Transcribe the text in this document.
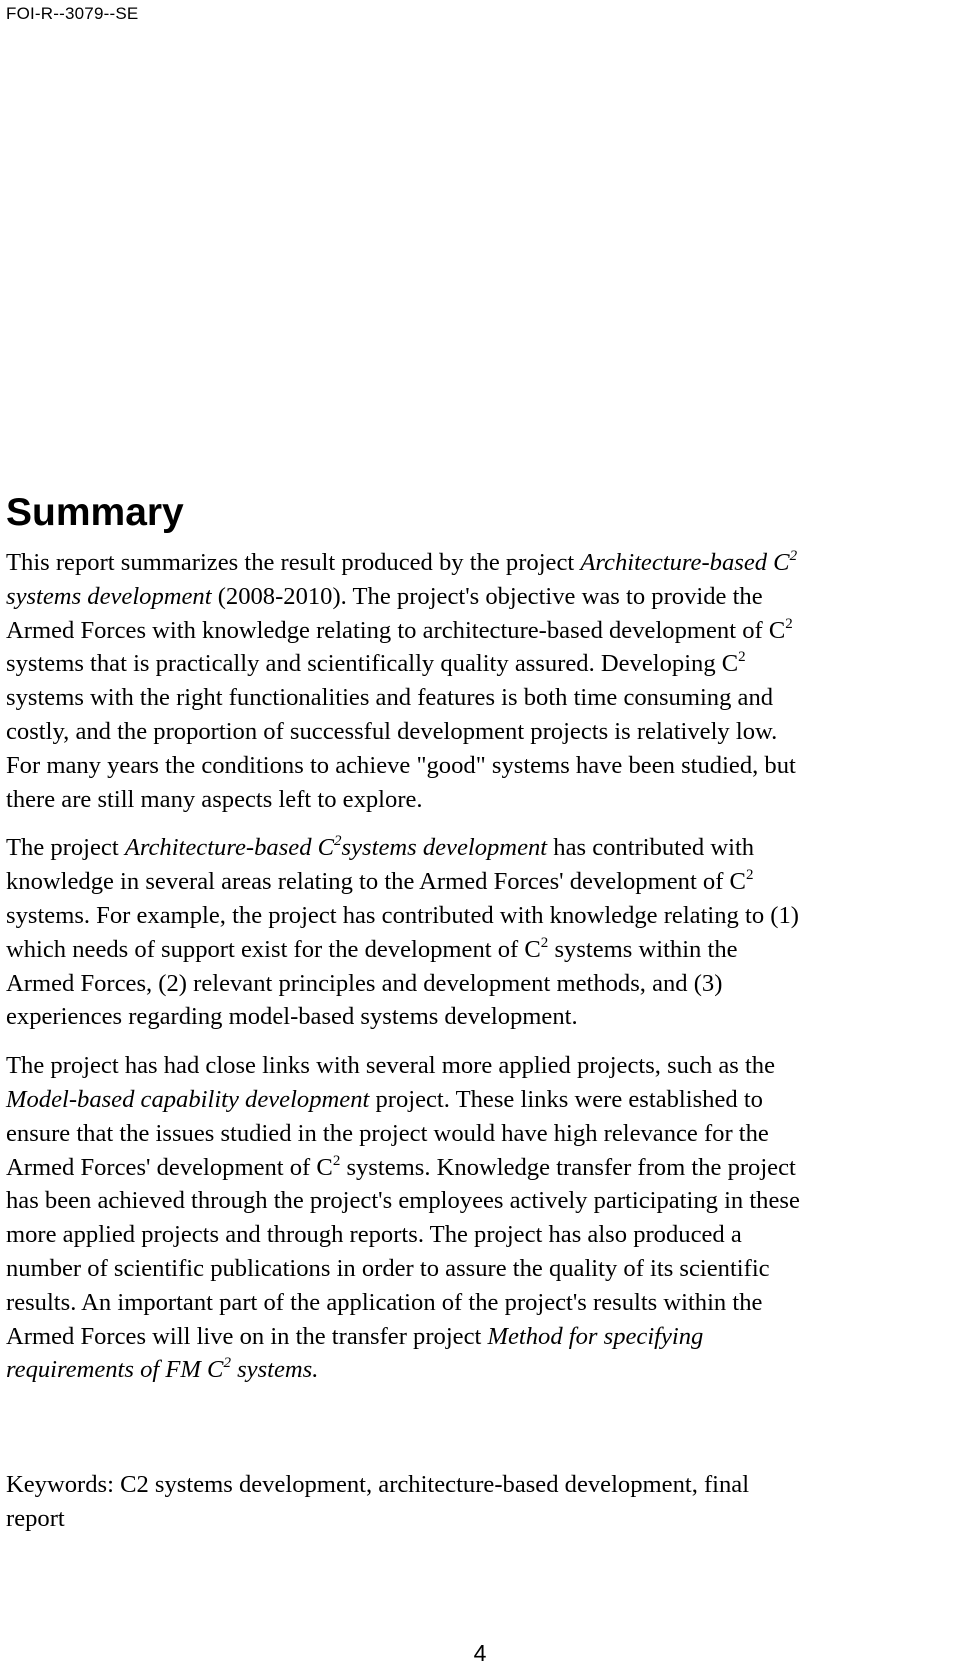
FOI-R--3079--SE
Summary
This report summarizes the result produced by the project Architecture-based $C^2$
systems development (2008-2010). The project's objective was to provide the
Armed Forces with knowledge relating to architecture-based development of $C^2$
systems that is practically and scientifically quality assured. Developing $C^2$
systems with the right functionalities and features is both time consuming and
costly, and the proportion of successful development projects is relatively low.
For many years the conditions to achieve "good" systems have been studied, but
there are still many aspects left to explore.
The project Architecture-based $C^2systems$ development has contributed with
knowledge in several areas relating to the Armed Forces' development of $C^2$
systems. For example, the project has contributed with knowledge relating to (1)
which needs of support exist for the development of $C^2$ systems within the
Armed Forces, (2) relevant principles and development methods, and (3)
experiences regarding model-based systems development.
The project has had close links with several more applied projects, such as the
Model-based capability development project. These links were established to
ensure that the issues studied in the project would have high relevance for the
Armed Forces' development of $C^2$ systems. Knowledge transfer from the project
has been achieved through the project's employees actively participating in these
more applied projects and through reports. The project has also produced a
number of scientific publications in order to assure the quality of its scientific
results. An important part of the application of the project's results within the
Armed Forces will live on in the transfer project Method for specifying
requirements of FM $C^2$ systems.
Keywords: C2 systems development, architecture-based development, final
report
4
